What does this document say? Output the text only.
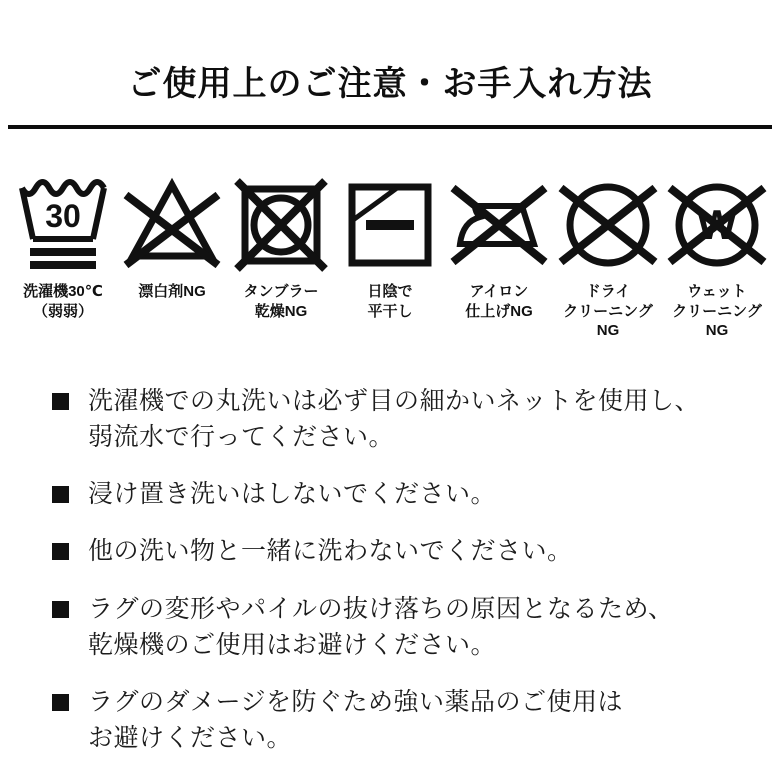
ご使用上のご注意・お手入れ方法
30
洗濯機30℃
（弱弱）
漂白剤NG	タンブラー
乾燥NG
日陰で
平干し
アイロン
仕上げNG
ドライ
クリーニング
NG
W
ウェット
クリーニング
NG
洗濯機での丸洗いは必ず目の細かいネットを使用し、
弱流水で行ってください。
浸け置き洗いはしないでください。
他の洗い物と一緒に洗わないでください。
ラグの変形やパイルの抜け落ちの原因となるため、
乾燥機のご使用はお避けください。
ラグのダメージを防ぐため強い薬品のご使用は
お避けください。
